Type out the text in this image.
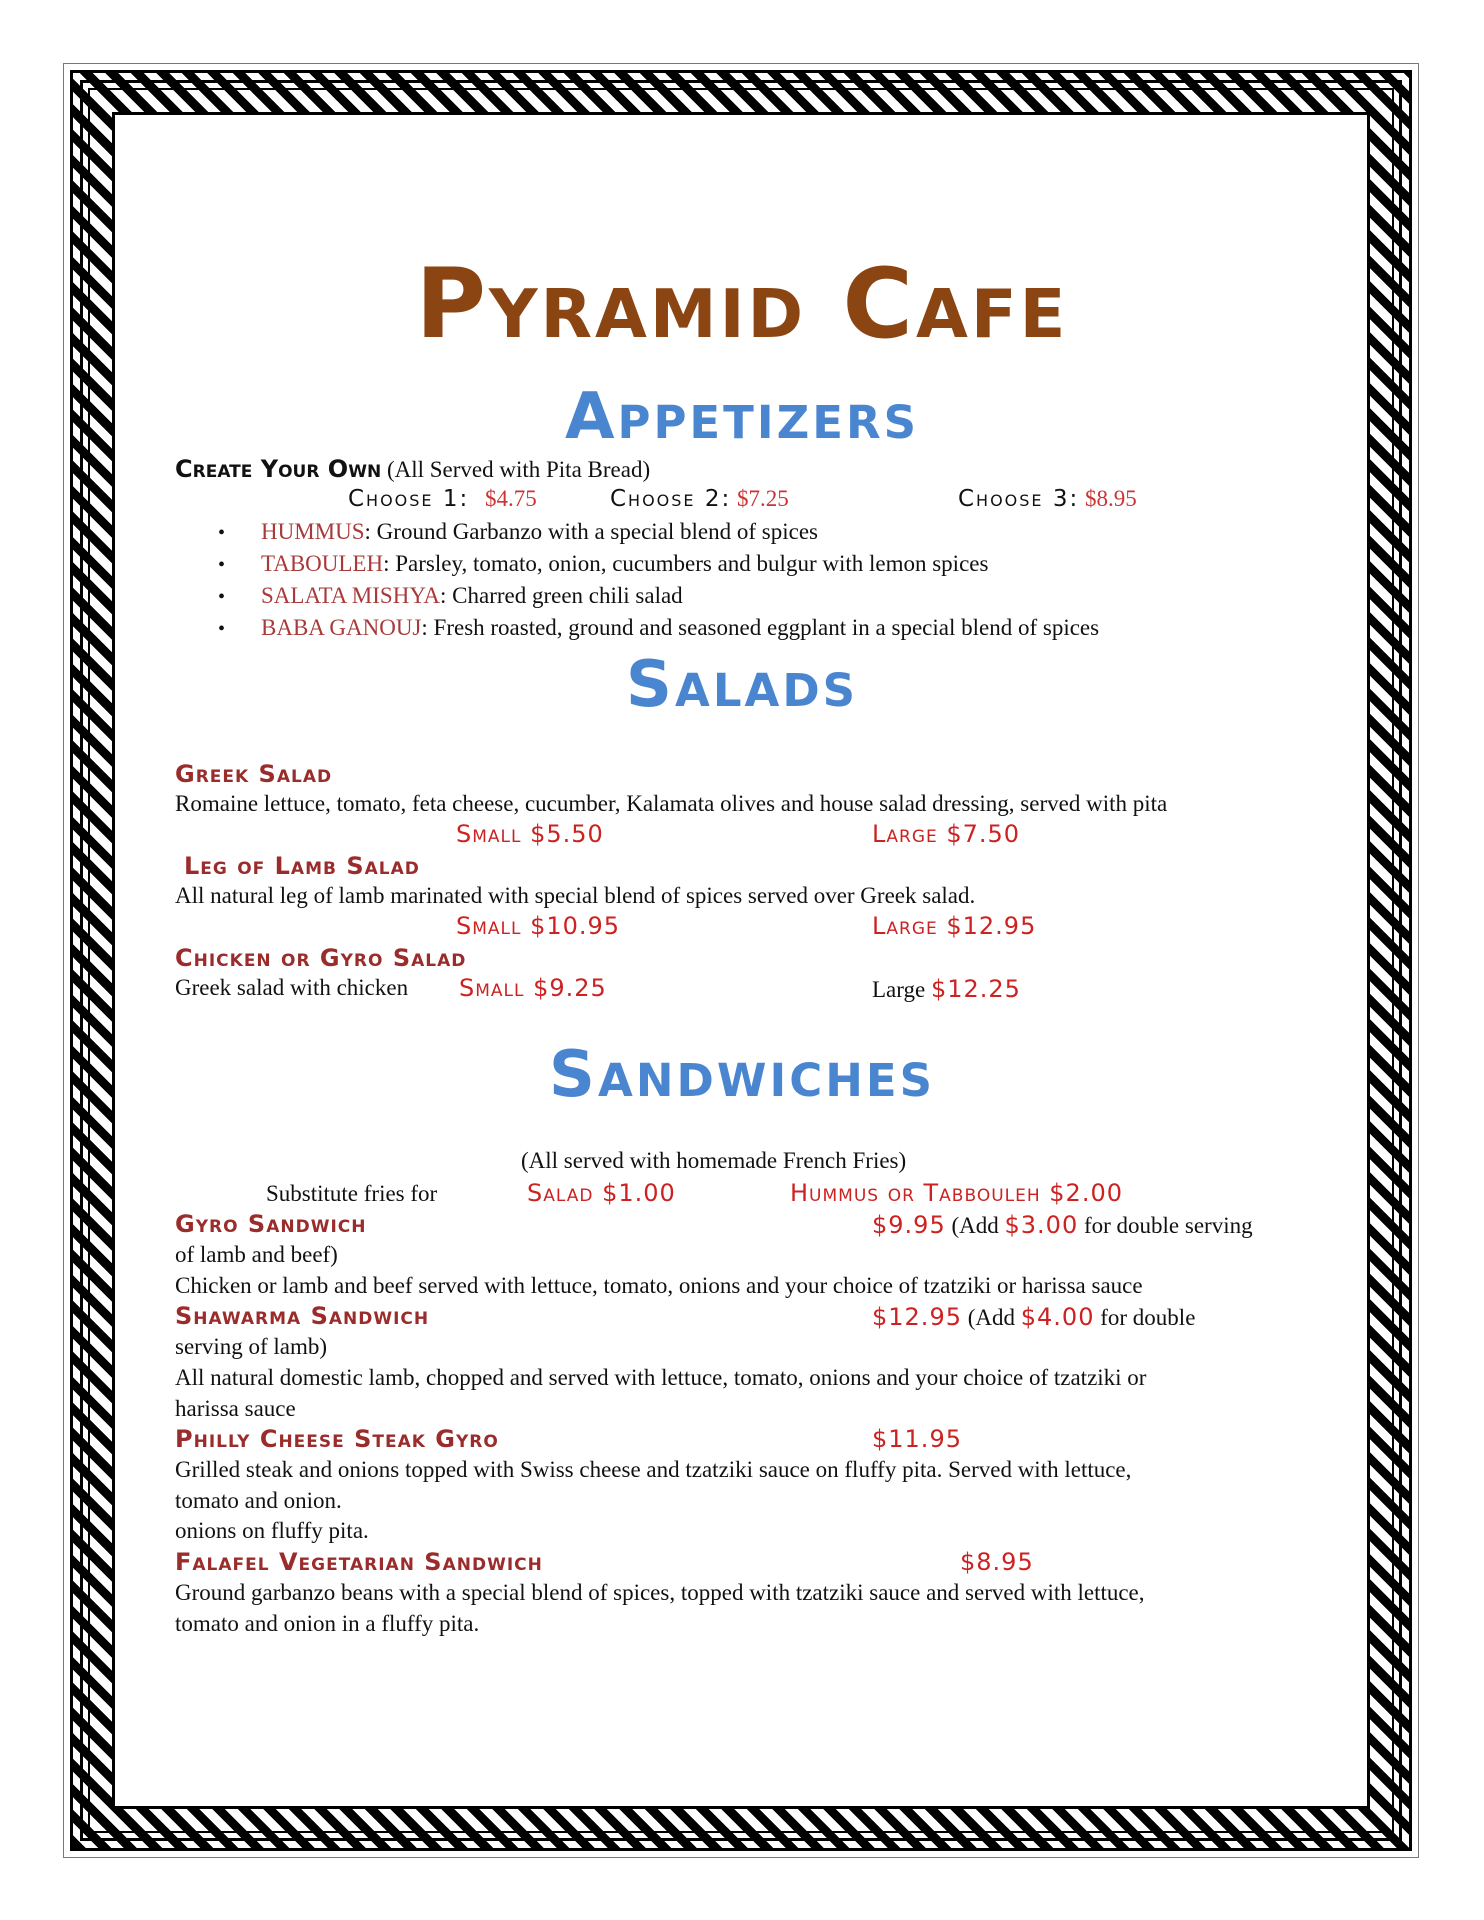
Pyramid Cafe
Appetizers
Create Your Own (All Served with Pita Bread)
Choose 1: $4.75	Choose 2: $7.25	Choose 3: $8.95
• HUMMUS: Ground Garbanzo with a special blend of spices
• TABOULEH: Parsley, tomato, onion, cucumbers and bulgur with lemon spices
• SALATA MISHYA: Charred green chili salad
• BABA GANOUJ: Fresh roasted, ground and seasoned eggplant in a special blend of spices
Salads
Greek Salad
Romaine lettuce, tomato, feta cheese, cucumber, Kalamata olives and house salad dressing, served with pita
Small $5.50	Large $7.50
Leg of Lamb Salad
All natural leg of lamb marinated with special blend of spices served over Greek salad.
Small $10.95	Large $12.95
Chicken or Gyro Salad
Greek salad with chicken Small $9.25	Large $12.25
Sandwiches
(All served with homemade French Fries)
Substitute fries for	Salad $1.00	Hummus or Tabbouleh $2.00
Gyro Sandwich	$9.95 (Add $3.00 for double serving
of lamb and beef)
Chicken or lamb and beef served with lettuce, tomato, onions and your choice of tzatziki or harissa sauce
Shawarma Sandwich	$12.95 (Add $4.00 for double
serving of lamb)
All natural domestic lamb, chopped and served with lettuce, tomato, onions and your choice of tzatziki or
harissa sauce
Philly Cheese Steak Gyro	$11.95
Grilled steak and onions topped with Swiss cheese and tzatziki sauce on fluffy pita. Served with lettuce,
tomato and onion.
onions on fluffy pita.
Falafel Vegetarian Sandwich	$8.95
Ground garbanzo beans with a special blend of spices, topped with tzatziki sauce and served with lettuce,
tomato and onion in a fluffy pita.
